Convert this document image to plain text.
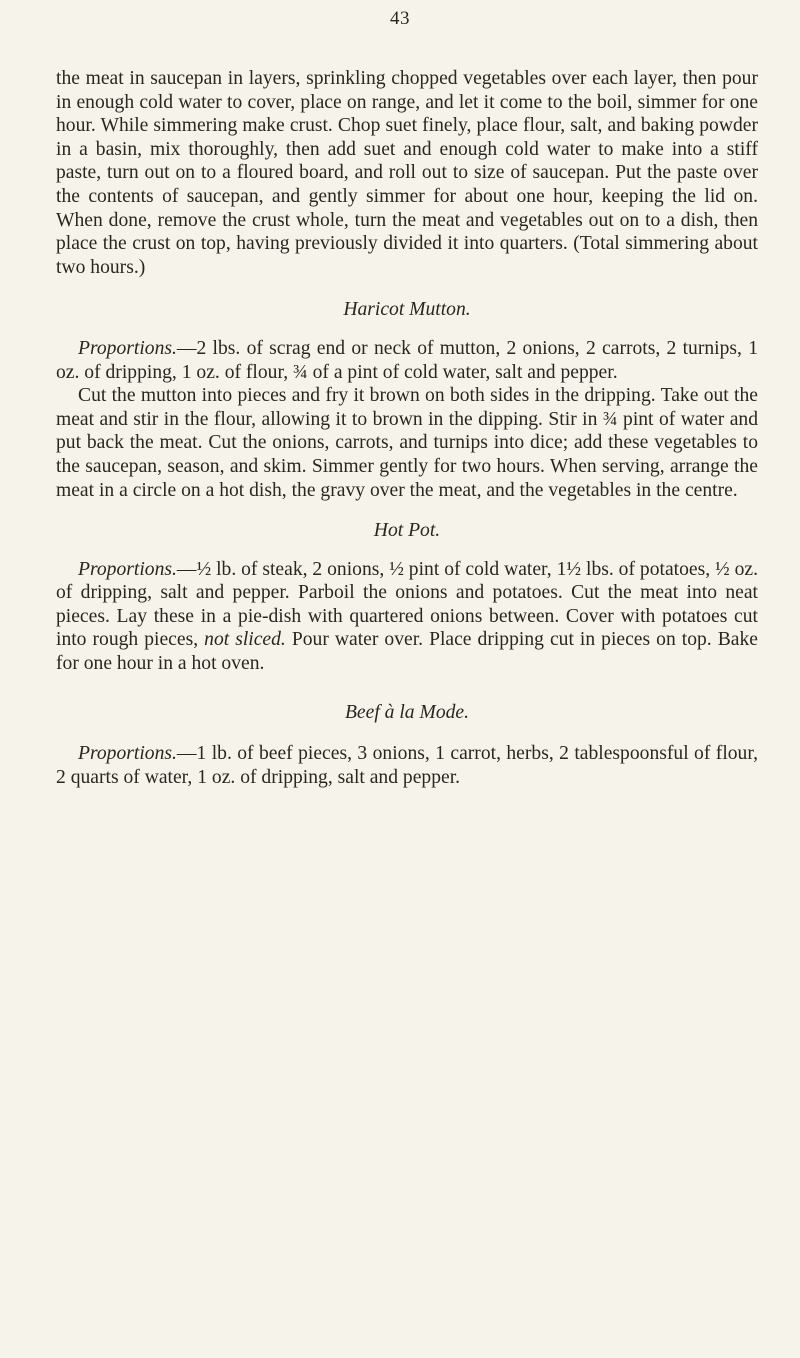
43

the meat in saucepan in layers, sprinkling chopped vegetables over each layer, then pour in enough cold water to cover, place on range, and let it come to the boil, simmer for one hour. While simmering make crust. Chop suet finely, place flour, salt, and baking powder in a basin, mix thoroughly, then add suet and enough cold water to make into a stiff paste, turn out on to a floured board, and roll out to size of saucepan. Put the paste over the contents of saucepan, and gently simmer for about one hour, keeping the lid on. When done, remove the crust whole, turn the meat and vegetables out on to a dish, then place the crust on top, having previously divided it into quarters. (Total simmering about two hours.)

Haricot Mutton.

Proportions.—2 lbs. of scrag end or neck of mutton, 2 onions, 2 carrots, 2 turnips, 1 oz. of dripping, 1 oz. of flour, ¾ of a pint of cold water, salt and pepper.

Cut the mutton into pieces and fry it brown on both sides in the dripping. Take out the meat and stir in the flour, allowing it to brown in the dipping. Stir in ¾ pint of water and put back the meat. Cut the onions, carrots, and turnips into dice; add these vegetables to the saucepan, season, and skim. Simmer gently for two hours. When serving, arrange the meat in a circle on a hot dish, the gravy over the meat, and the vegetables in the centre.

Hot Pot.

Proportions.—½ lb. of steak, 2 onions, ½ pint of cold water, 1½ lbs. of potatoes, ½ oz. of dripping, salt and pepper. Parboil the onions and potatoes. Cut the meat into neat pieces. Lay these in a pie-dish with quartered onions between. Cover with potatoes cut into rough pieces, not sliced. Pour water over. Place dripping cut in pieces on top. Bake for one hour in a hot oven.

Beef à la Mode.

Proportions.—1 lb. of beef pieces, 3 onions, 1 carrot, herbs, 2 tablespoonsful of flour, 2 quarts of water, 1 oz. of dripping, salt and pepper.
